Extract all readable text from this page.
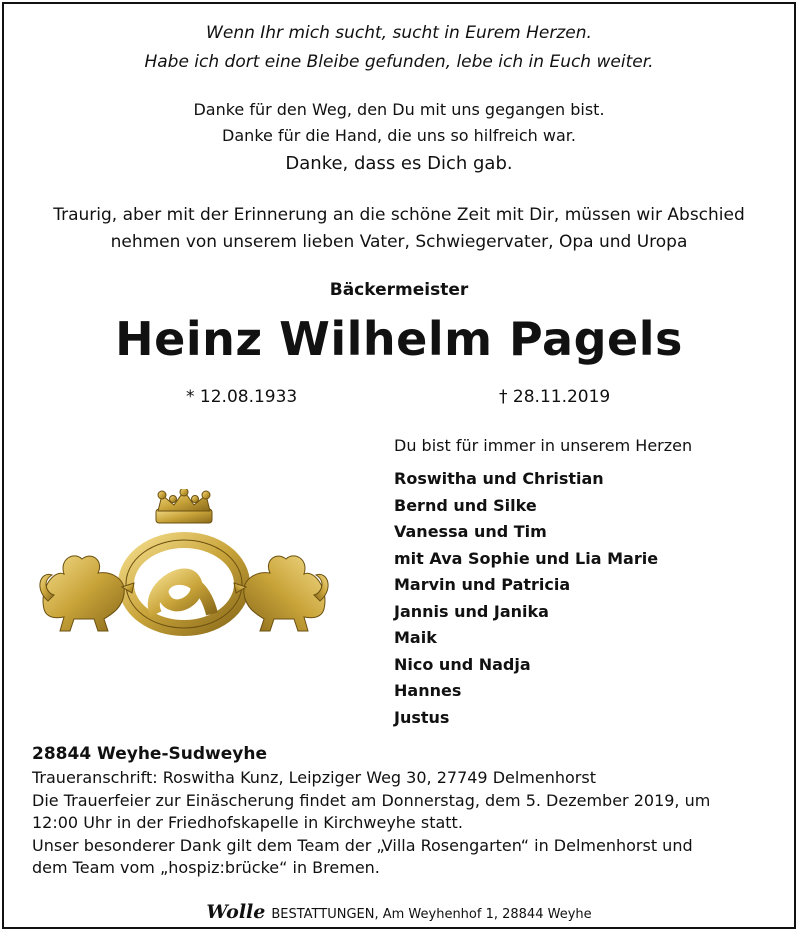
Wenn Ihr mich sucht, sucht in Eurem Herzen.
Habe ich dort eine Bleibe gefunden, lebe ich in Euch weiter.
Danke für den Weg, den Du mit uns gegangen bist.
Danke für die Hand, die uns so hilfreich war.
Danke, dass es Dich gab.
Traurig, aber mit der Erinnerung an die schöne Zeit mit Dir, müssen wir Abschied
nehmen von unserem lieben Vater, Schwiegervater, Opa und Uropa
Bäckermeister
Heinz Wilhelm Pagels
* 12.08.1933	† 28.11.2019
Du bist für immer in unserem Herzen
Roswitha und Christian
Bernd und Silke
Vanessa und Tim
mit Ava Sophie und Lia Marie
Marvin und Patricia
Jannis und Janika
Maik
Nico und Nadja
Hannes
Justus

28844 Weyhe-Sudweyhe

Traueranschrift: Roswitha Kunz, Leipziger Weg 30, 27749 Delmenhorst

Die Trauerfeier zur Einäscherung findet am Donnerstag, dem 5. Dezember 2019, um

12:00 Uhr in der Friedhofskapelle in Kirchweyhe statt.

Unser besonderer Dank gilt dem Team der „Villa Rosengarten“ in Delmenhorst und

dem Team vom „hospiz:brücke“ in Bremen.

Wolle BESTATTUNGEN, Am Weyhenhof 1, 28844 Weyhe
